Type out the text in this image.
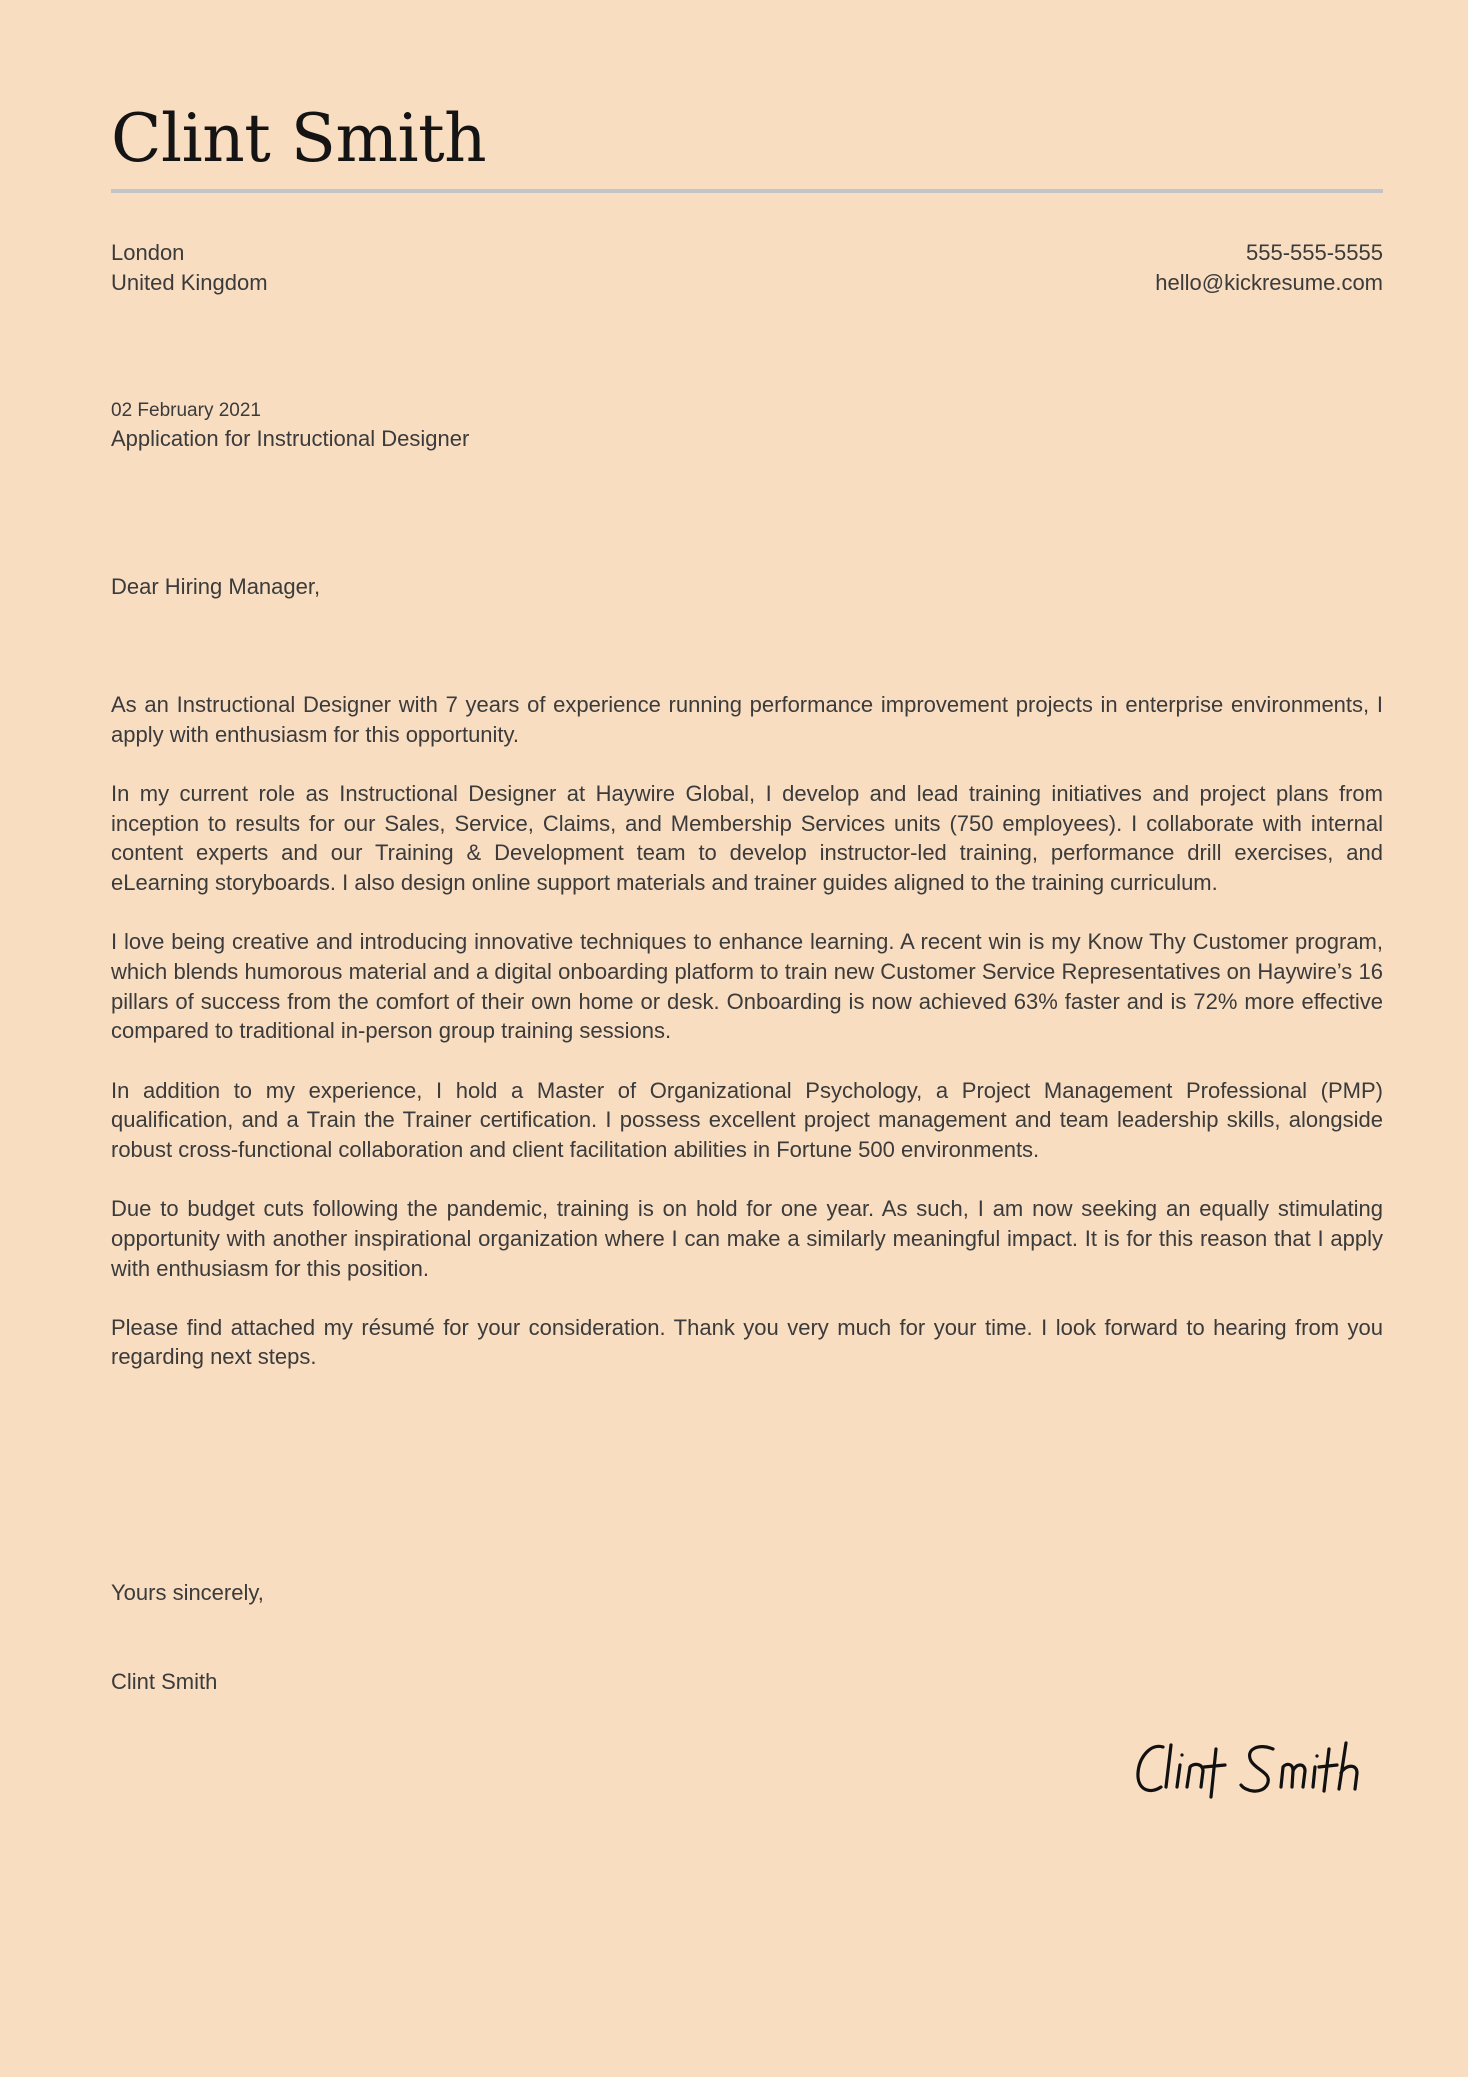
Clint Smith
London
United Kingdom
555-555-5555
hello@kickresume.com
02 February 2021
Application for Instructional Designer
Dear Hiring Manager,

As an Instructional Designer with 7 years of experience running performance improvement projects in enterprise environments, I apply with enthusiasm for this opportunity.

In my current role as Instructional Designer at Haywire Global, I develop and lead training initiatives and project plans from inception to results for our Sales, Service, Claims, and Membership Services units (750 employees). I collaborate with internal content experts and our Training & Development team to develop instructor-led training, performance drill exercises, and eLearning storyboards. I also design online support materials and trainer guides aligned to the training curriculum.

I love being creative and introducing innovative techniques to enhance learning. A recent win is my Know Thy Customer program, which blends humorous material and a digital onboarding platform to train new Customer Service Representatives on Haywire’s 16 pillars of success from the comfort of their own home or desk. Onboarding is now achieved 63% faster and is 72% more effective compared to traditional in-person group training sessions.

In addition to my experience, I hold a Master of Organizational Psychology, a Project Management Professional (PMP) qualification, and a Train the Trainer certification. I possess excellent project management and team leadership skills, alongside robust cross-functional collaboration and client facilitation abilities in Fortune 500 environments.

Due to budget cuts following the pandemic, training is on hold for one year. As such, I am now seeking an equally stimulating opportunity with another inspirational organization where I can make a similarly meaningful impact. It is for this reason that I apply with enthusiasm for this position.

Please find attached my résumé for your consideration. Thank you very much for your time. I look forward to hearing from you regarding next steps.

Yours sincerely,
Clint Smith
